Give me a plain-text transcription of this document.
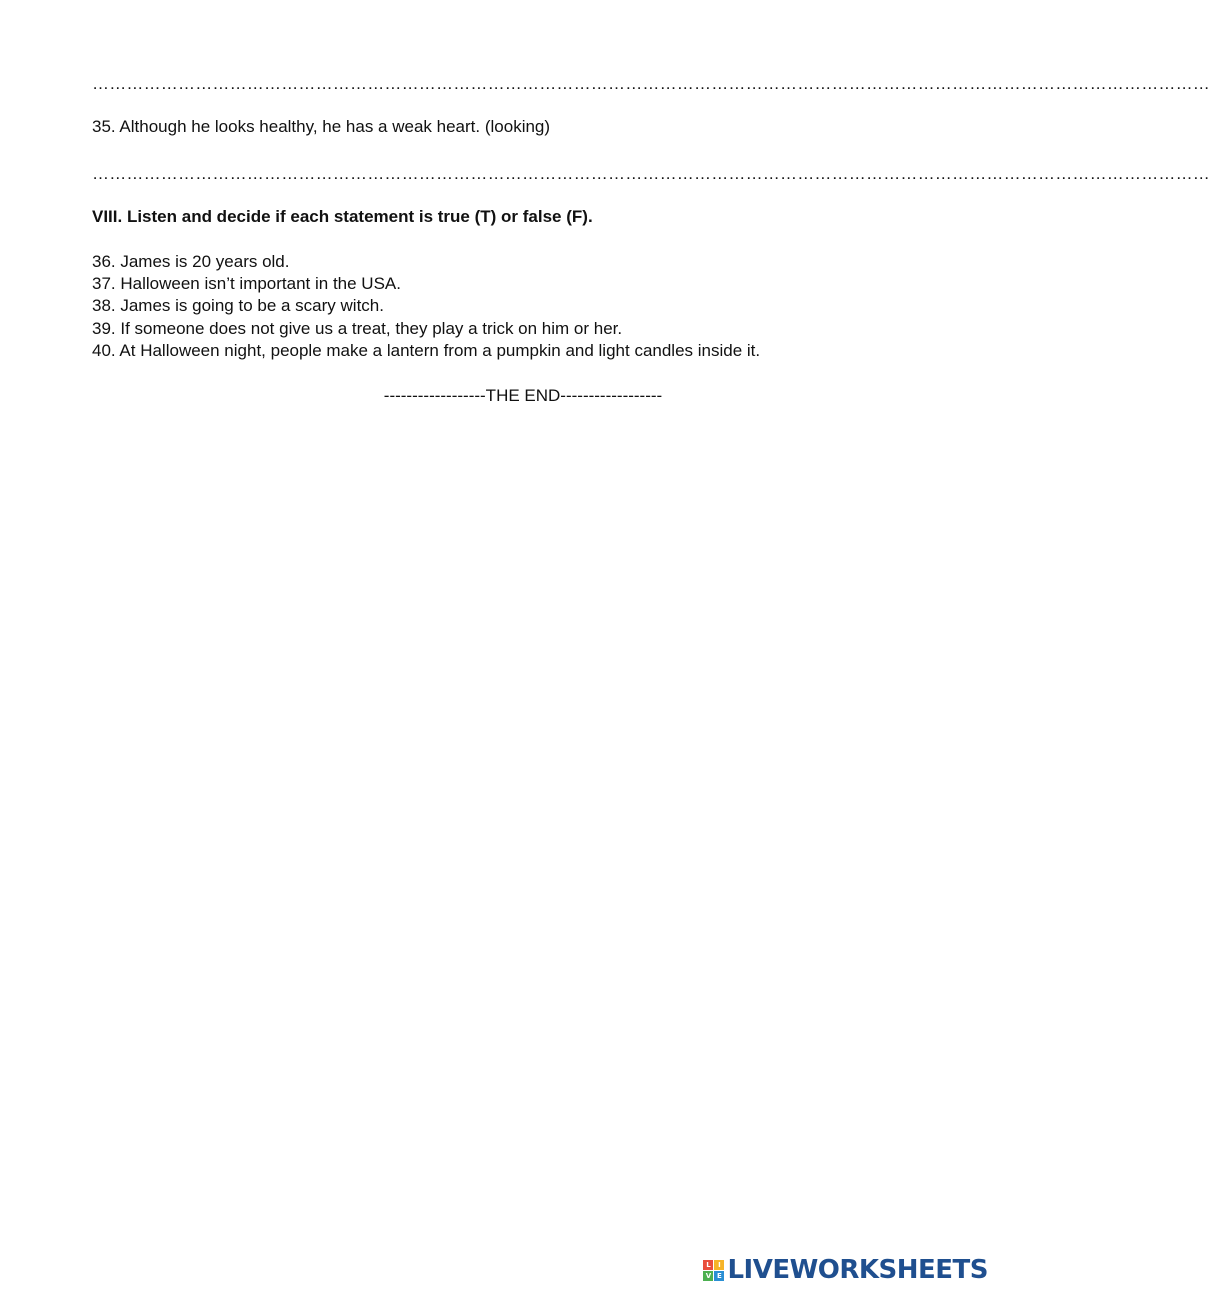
……………………………………………………………………………………………………………………………………………………………………………
35. Although he looks healthy, he has a weak heart. (looking)
……………………………………………………………………………………………………………………………………………………………………………
VIII. Listen and decide if each statement is true (T) or false (F).
36. James is 20 years old.
37. Halloween isn’t important in the USA.
38. James is going to be a scary witch.
39. If someone does not give us a treat, they play a trick on him or her.
40. At Halloween night, people make a lantern from a pumpkin and light candles inside it.
------------------THE END------------------
L	I
V E LIVEWORKSHEETS
